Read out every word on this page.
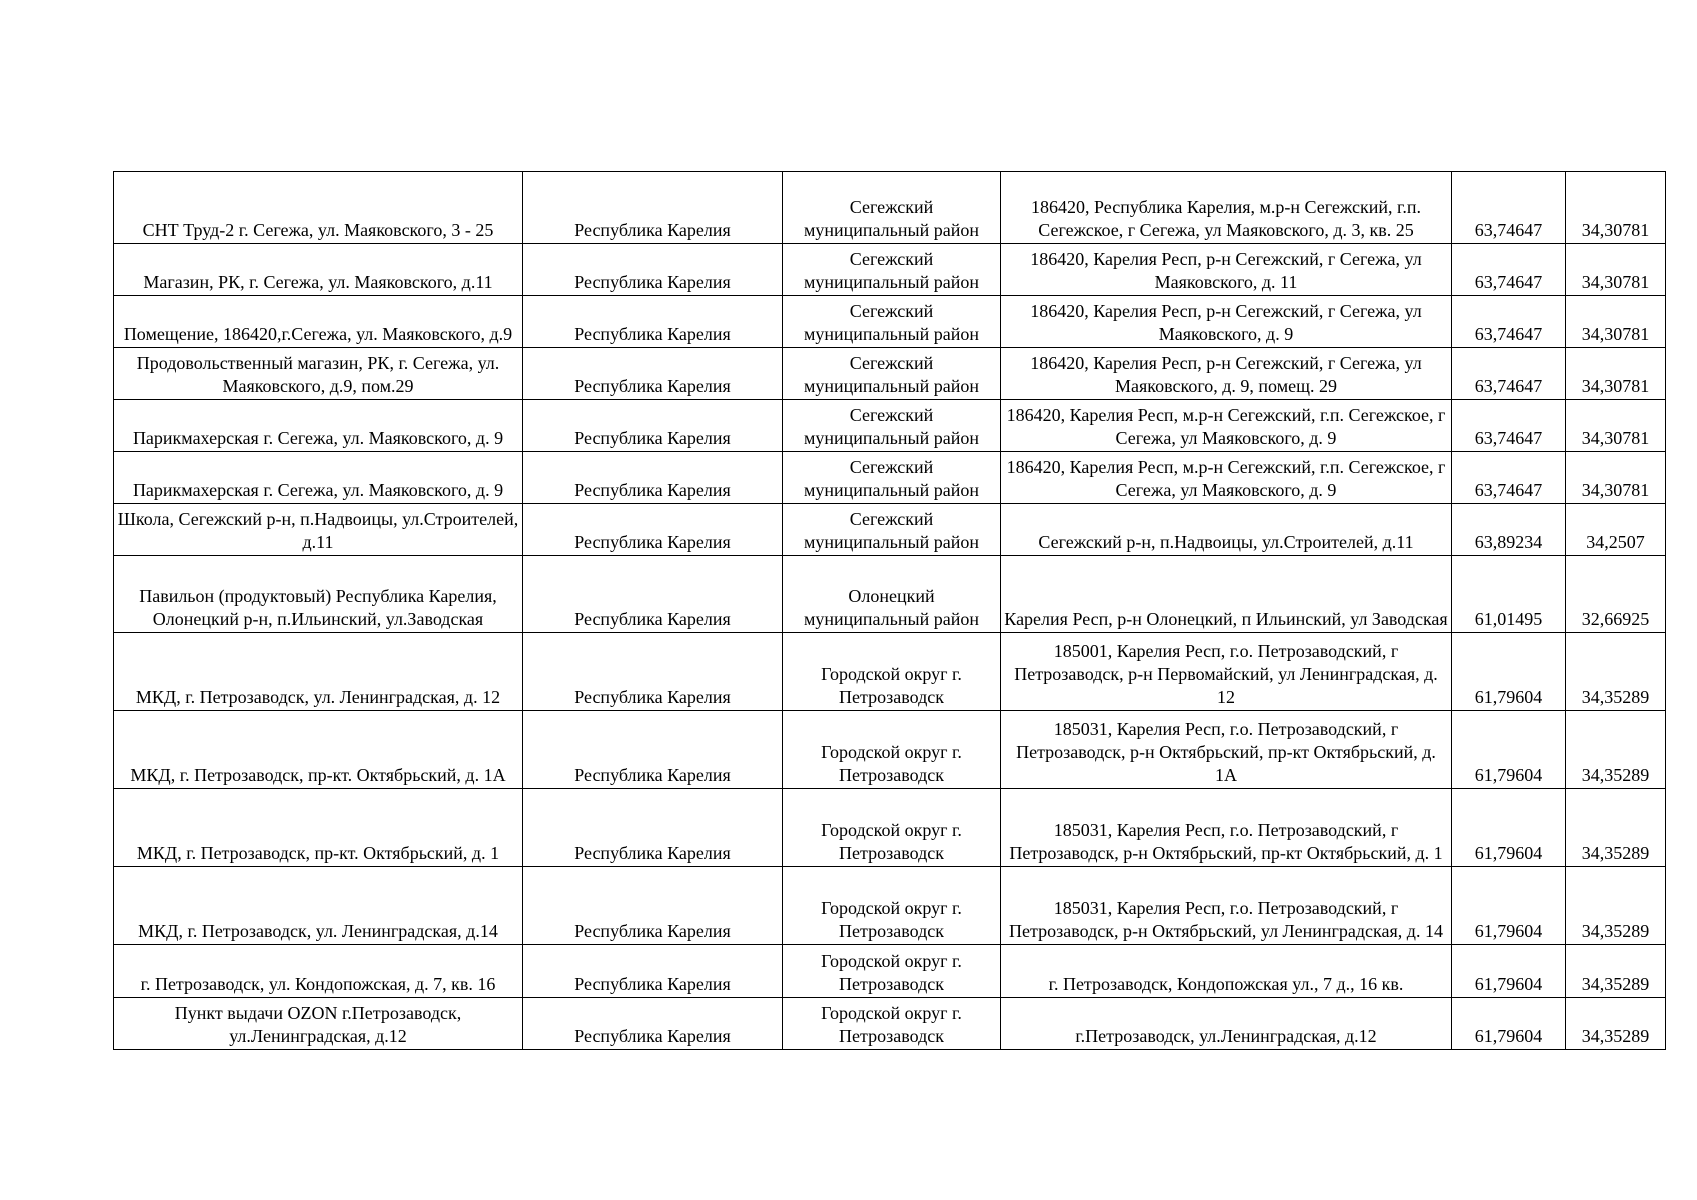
СНТ Труд-2 г. Сегежа, ул. Маяковского, 3 - 25	Республика Карелия	Сегежский муниципальный район	186420, Республика Карелия, м.р-н Сегежский, г.п. Сегежское, г Сегежа, ул Маяковского, д. 3, кв. 25	63,74647	34,30781
Магазин, РК, г. Сегежа, ул. Маяковского, д.11	Республика Карелия	Сегежский муниципальный район	186420, Карелия Респ, р-н Сегежский, г Сегежа, ул Маяковского, д. 11	63,74647	34,30781
Помещение, 186420,г.Сегежа, ул. Маяковского, д.9	Республика Карелия	Сегежский муниципальный район	186420, Карелия Респ, р-н Сегежский, г Сегежа, ул Маяковского, д. 9	63,74647	34,30781
Продовольственный магазин, РК, г. Сегежа, ул. Маяковского, д.9, пом.29	Республика Карелия	Сегежский муниципальный район	186420, Карелия Респ, р-н Сегежский, г Сегежа, ул Маяковского, д. 9, помещ. 29	63,74647	34,30781
Парикмахерская г. Сегежа, ул. Маяковского, д. 9	Республика Карелия	Сегежский муниципальный район	186420, Карелия Респ, м.р-н Сегежский, г.п. Сегежское, г Сегежа, ул Маяковского, д. 9	63,74647	34,30781
Парикмахерская г. Сегежа, ул. Маяковского, д. 9	Республика Карелия	Сегежский муниципальный район	186420, Карелия Респ, м.р-н Сегежский, г.п. Сегежское, г Сегежа, ул Маяковского, д. 9	63,74647	34,30781
Школа, Сегежский р-н, п.Надвоицы, ул.Строителей, д.11	Республика Карелия	Сегежский муниципальный район	Сегежский р-н, п.Надвоицы, ул.Строителей, д.11	63,89234	34,2507
Павильон (продуктовый) Республика Карелия, Олонецкий р-н, п.Ильинский, ул.Заводская	Республика Карелия	Олонецкий муниципальный район	Карелия Респ, р-н Олонецкий, п Ильинский, ул Заводская	61,01495	32,66925
МКД, г. Петрозаводск, ул. Ленинградская, д. 12	Республика Карелия	Городской округ г. Петрозаводск	185001, Карелия Респ, г.о. Петрозаводский, г Петрозаводск, р-н Первомайский, ул Ленинградская, д. 12	61,79604	34,35289
МКД, г. Петрозаводск, пр-кт. Октябрьский, д. 1А	Республика Карелия	Городской округ г. Петрозаводск	185031, Карелия Респ, г.о. Петрозаводский, г Петрозаводск, р-н Октябрьский, пр-кт Октябрьский, д. 1А	61,79604	34,35289
МКД, г. Петрозаводск, пр-кт. Октябрьский, д. 1	Республика Карелия	Городской округ г. Петрозаводск	185031, Карелия Респ, г.о. Петрозаводский, г Петрозаводск, р-н Октябрьский, пр-кт Октябрьский, д. 1	61,79604	34,35289
МКД, г. Петрозаводск, ул. Ленинградская, д.14	Республика Карелия	Городской округ г. Петрозаводск	185031, Карелия Респ, г.о. Петрозаводский, г Петрозаводск, р-н Октябрьский, ул Ленинградская, д. 14	61,79604	34,35289
г. Петрозаводск, ул. Кондопожская, д. 7, кв. 16	Республика Карелия	Городской округ г. Петрозаводск	г. Петрозаводск, Кондопожская ул., 7 д., 16 кв.	61,79604	34,35289
Пункт выдачи OZON г.Петрозаводск, ул.Ленинградская, д.12	Республика Карелия	Городской округ г. Петрозаводск	г.Петрозаводск, ул.Ленинградская, д.12	61,79604	34,35289
